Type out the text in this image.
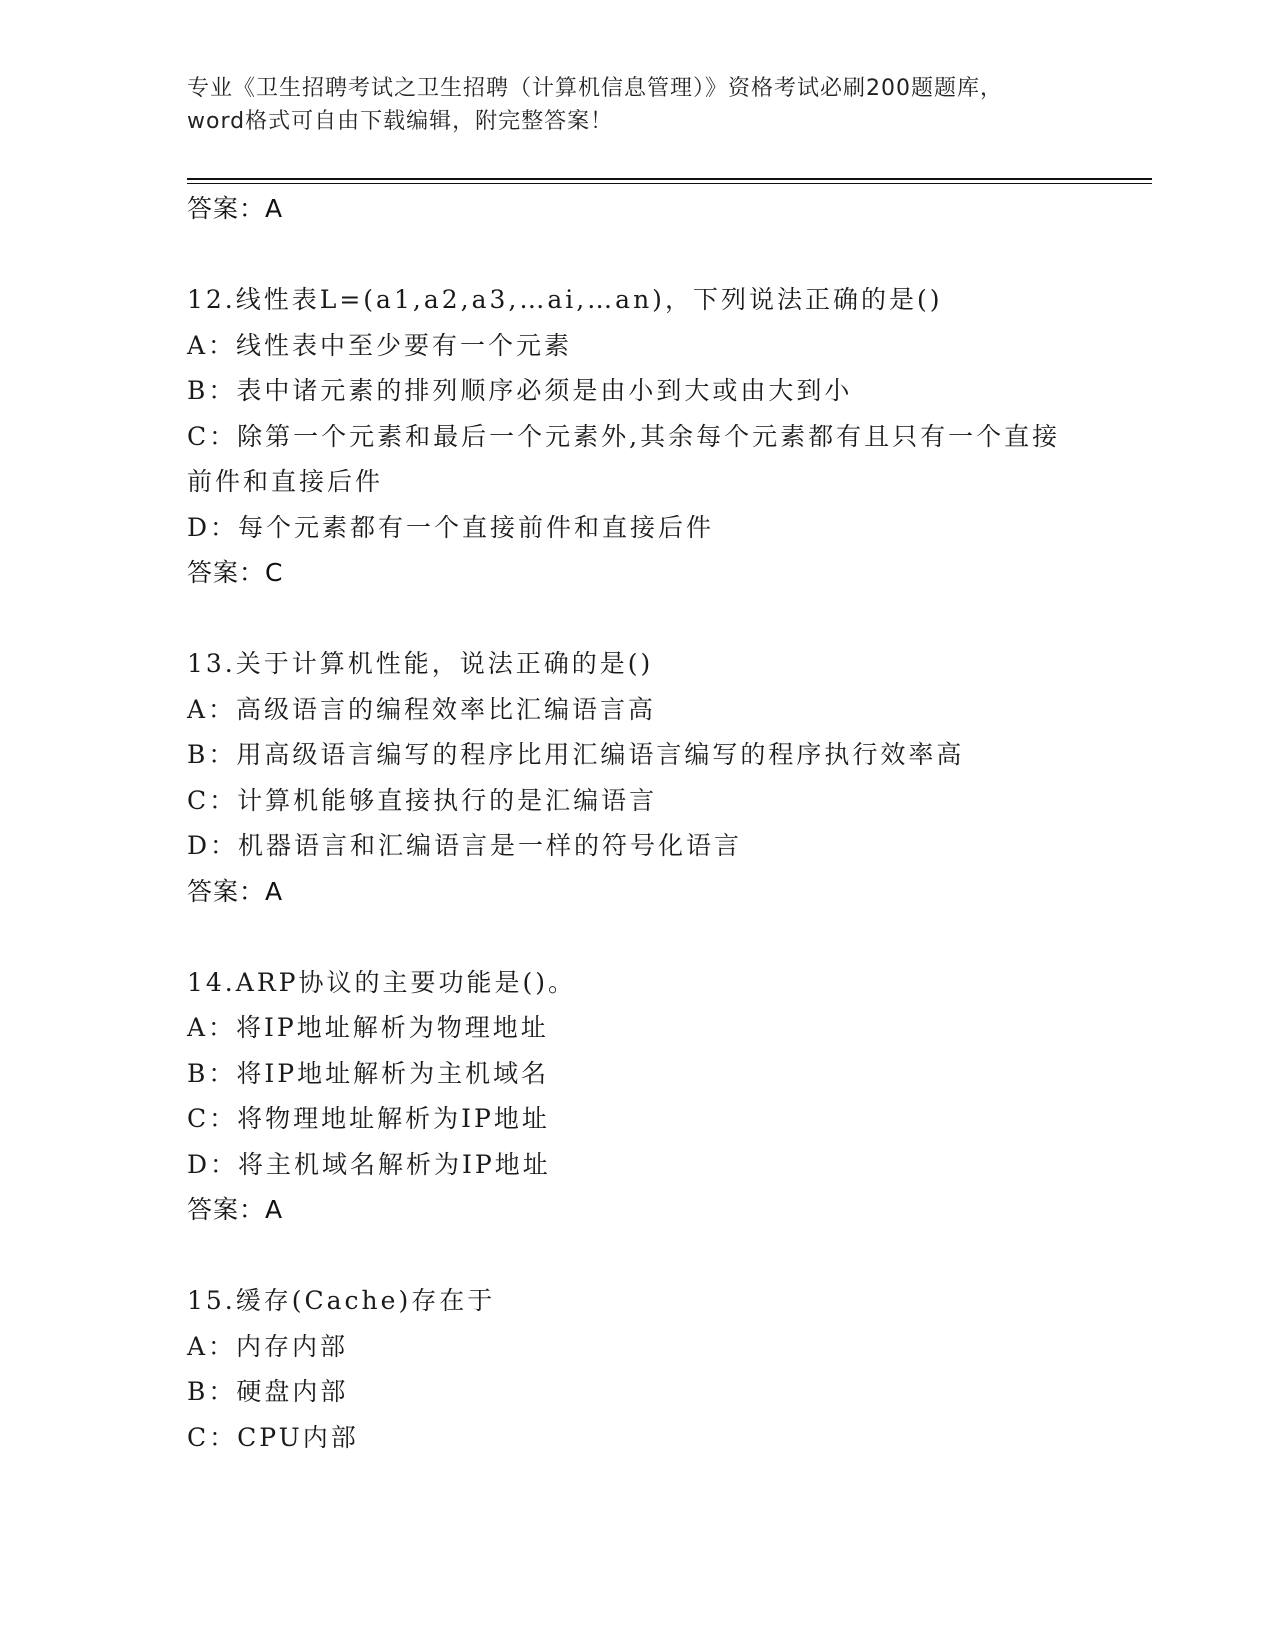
专业《卫生招聘考试之卫生招聘（计算机信息管理）》资格考试必刷200题题库，
word格式可自由下载编辑，附完整答案！
答案：A
12.线性表L=(a1,a2,a3,…ai,…an)，下列说法正确的是()
A：线性表中至少要有一个元素
B：表中诸元素的排列顺序必须是由小到大或由大到小
C：除第一个元素和最后一个元素外,其余每个元素都有且只有一个直接前件和直接后件
D：每个元素都有一个直接前件和直接后件
答案：C
13.关于计算机性能，说法正确的是()
A：高级语言的编程效率比汇编语言高
B：用高级语言编写的程序比用汇编语言编写的程序执行效率高
C：计算机能够直接执行的是汇编语言
D：机器语言和汇编语言是一样的符号化语言
答案：A
14.ARP协议的主要功能是()。
A：将IP地址解析为物理地址
B：将IP地址解析为主机域名
C：将物理地址解析为IP地址
D：将主机域名解析为IP地址
答案：A
15.缓存(Cache)存在于
A：内存内部
B：硬盘内部
C：CPU内部
